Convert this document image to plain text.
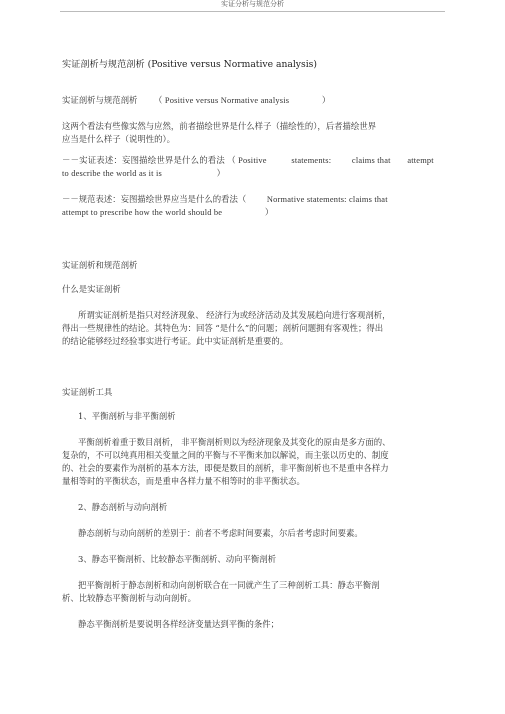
实证分析与规范分析
实证剖析与规范剖析 (Positive versus Normative analysis)
实证剖析与规范剖析 （ Positive versus Normative analysis	）
这两个看法有些像实然与应然，前者描绘世界是什么样子（描绘性的），后者描绘世界
应当是什么样子（说明性的）。
－－实证表述：妄图描绘世界是什么的看法 （ Positive	statements: claims that attempt
to describe the world as it is	）
－－规范表述：妄图描绘世界应当是什么的看法（ Normative statements: claims that
attempt to prescribe how the world should be	）
实证剖析和规范剖析
什么是实证剖析
所谓实证剖析是指只对经济现象、 经济行为或经济活动及其发展趋向进行客观剖析，
得出一些规律性的结论。其特色为：回答 “是什么”的问题；剖析问题拥有客观性；得出
的结论能够经过经验事实进行考证。此中实证剖析是重要的。
实证剖析工具
1、平衡剖析与非平衡剖析
平衡剖析着重于数目剖析， 非平衡剖析则以为经济现象及其变化的原由是多方面的、
复杂的，不可以纯真用相关变量之间的平衡与不平衡来加以解说，而主张以历史的、制度
的、社会的要素作为剖析的基本方法，即便是数目的剖析，非平衡剖析也不是重申各样力
量相等时的平衡状态，而是重申各样力量不相等时的非平衡状态。
2、静态剖析与动向剖析
静态剖析与动向剖析的差别于：前者不考虑时间要素，尔后者考虑时间要素。
3、静态平衡剖析、比较静态平衡剖析、动向平衡剖析
把平衡剖析于静态剖析和动向剖析联合在一同就产生了三种剖析工具：静态平衡剖
析、比较静态平衡剖析与动向剖析。
静态平衡剖析是要说明各样经济变量达到平衡的条件；
